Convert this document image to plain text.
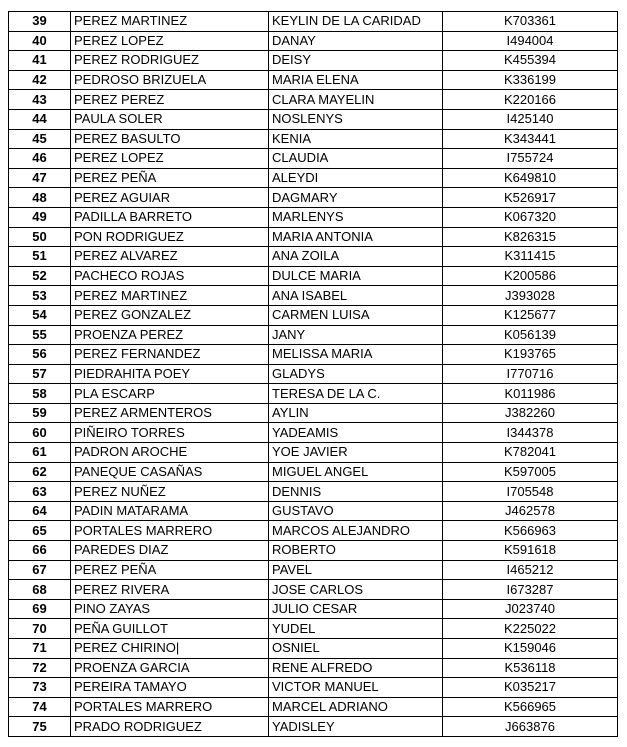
39	PEREZ MARTINEZ	KEYLIN DE LA CARIDAD	K703361
40	PEREZ LOPEZ	DANAY	I494004
41	PEREZ RODRIGUEZ	DEISY	K455394
42	PEDROSO BRIZUELA	MARIA ELENA	K336199
43	PEREZ PEREZ	CLARA MAYELIN	K220166
44	PAULA SOLER	NOSLENYS	I425140
45	PEREZ BASULTO	KENIA	K343441
46	PEREZ LOPEZ	CLAUDIA	I755724
47	PEREZ PEÑA	ALEYDI	K649810
48	PEREZ AGUIAR	DAGMARY	K526917
49	PADILLA BARRETO	MARLENYS	K067320
50	PON RODRIGUEZ	MARIA ANTONIA	K826315
51	PEREZ ALVAREZ	ANA ZOILA	K311415
52	PACHECO ROJAS	DULCE MARIA	K200586
53	PEREZ MARTINEZ	ANA ISABEL	J393028
54	PEREZ GONZALEZ	CARMEN LUISA	K125677
55	PROENZA PEREZ	JANY	K056139
56	PEREZ FERNANDEZ	MELISSA MARIA	K193765
57	PIEDRAHITA POEY	GLADYS	I770716
58	PLA ESCARP	TERESA DE LA C.	K011986
59	PEREZ ARMENTEROS	AYLIN	J382260
60	PIÑEIRO TORRES	YADEAMIS	I344378
61	PADRON AROCHE	YOE JAVIER	K782041
62	PANEQUE CASAÑAS	MIGUEL ANGEL	K597005
63	PEREZ NUÑEZ	DENNIS	I705548
64	PADIN MATARAMA	GUSTAVO	J462578
65	PORTALES MARRERO	MARCOS ALEJANDRO	K566963
66	PAREDES DIAZ	ROBERTO	K591618
67	PEREZ PEÑA	PAVEL	I465212
68	PEREZ RIVERA	JOSE CARLOS	I673287
69	PINO ZAYAS	JULIO CESAR	J023740
70	PEÑA GUILLOT	YUDEL	K225022
71	PEREZ CHIRINO|	OSNIEL	K159046
72	PROENZA GARCIA	RENE ALFREDO	K536118
73	PEREIRA TAMAYO	VICTOR MANUEL	K035217
74	PORTALES MARRERO	MARCEL ADRIANO	K566965
75	PRADO RODRIGUEZ	YADISLEY	J663876
